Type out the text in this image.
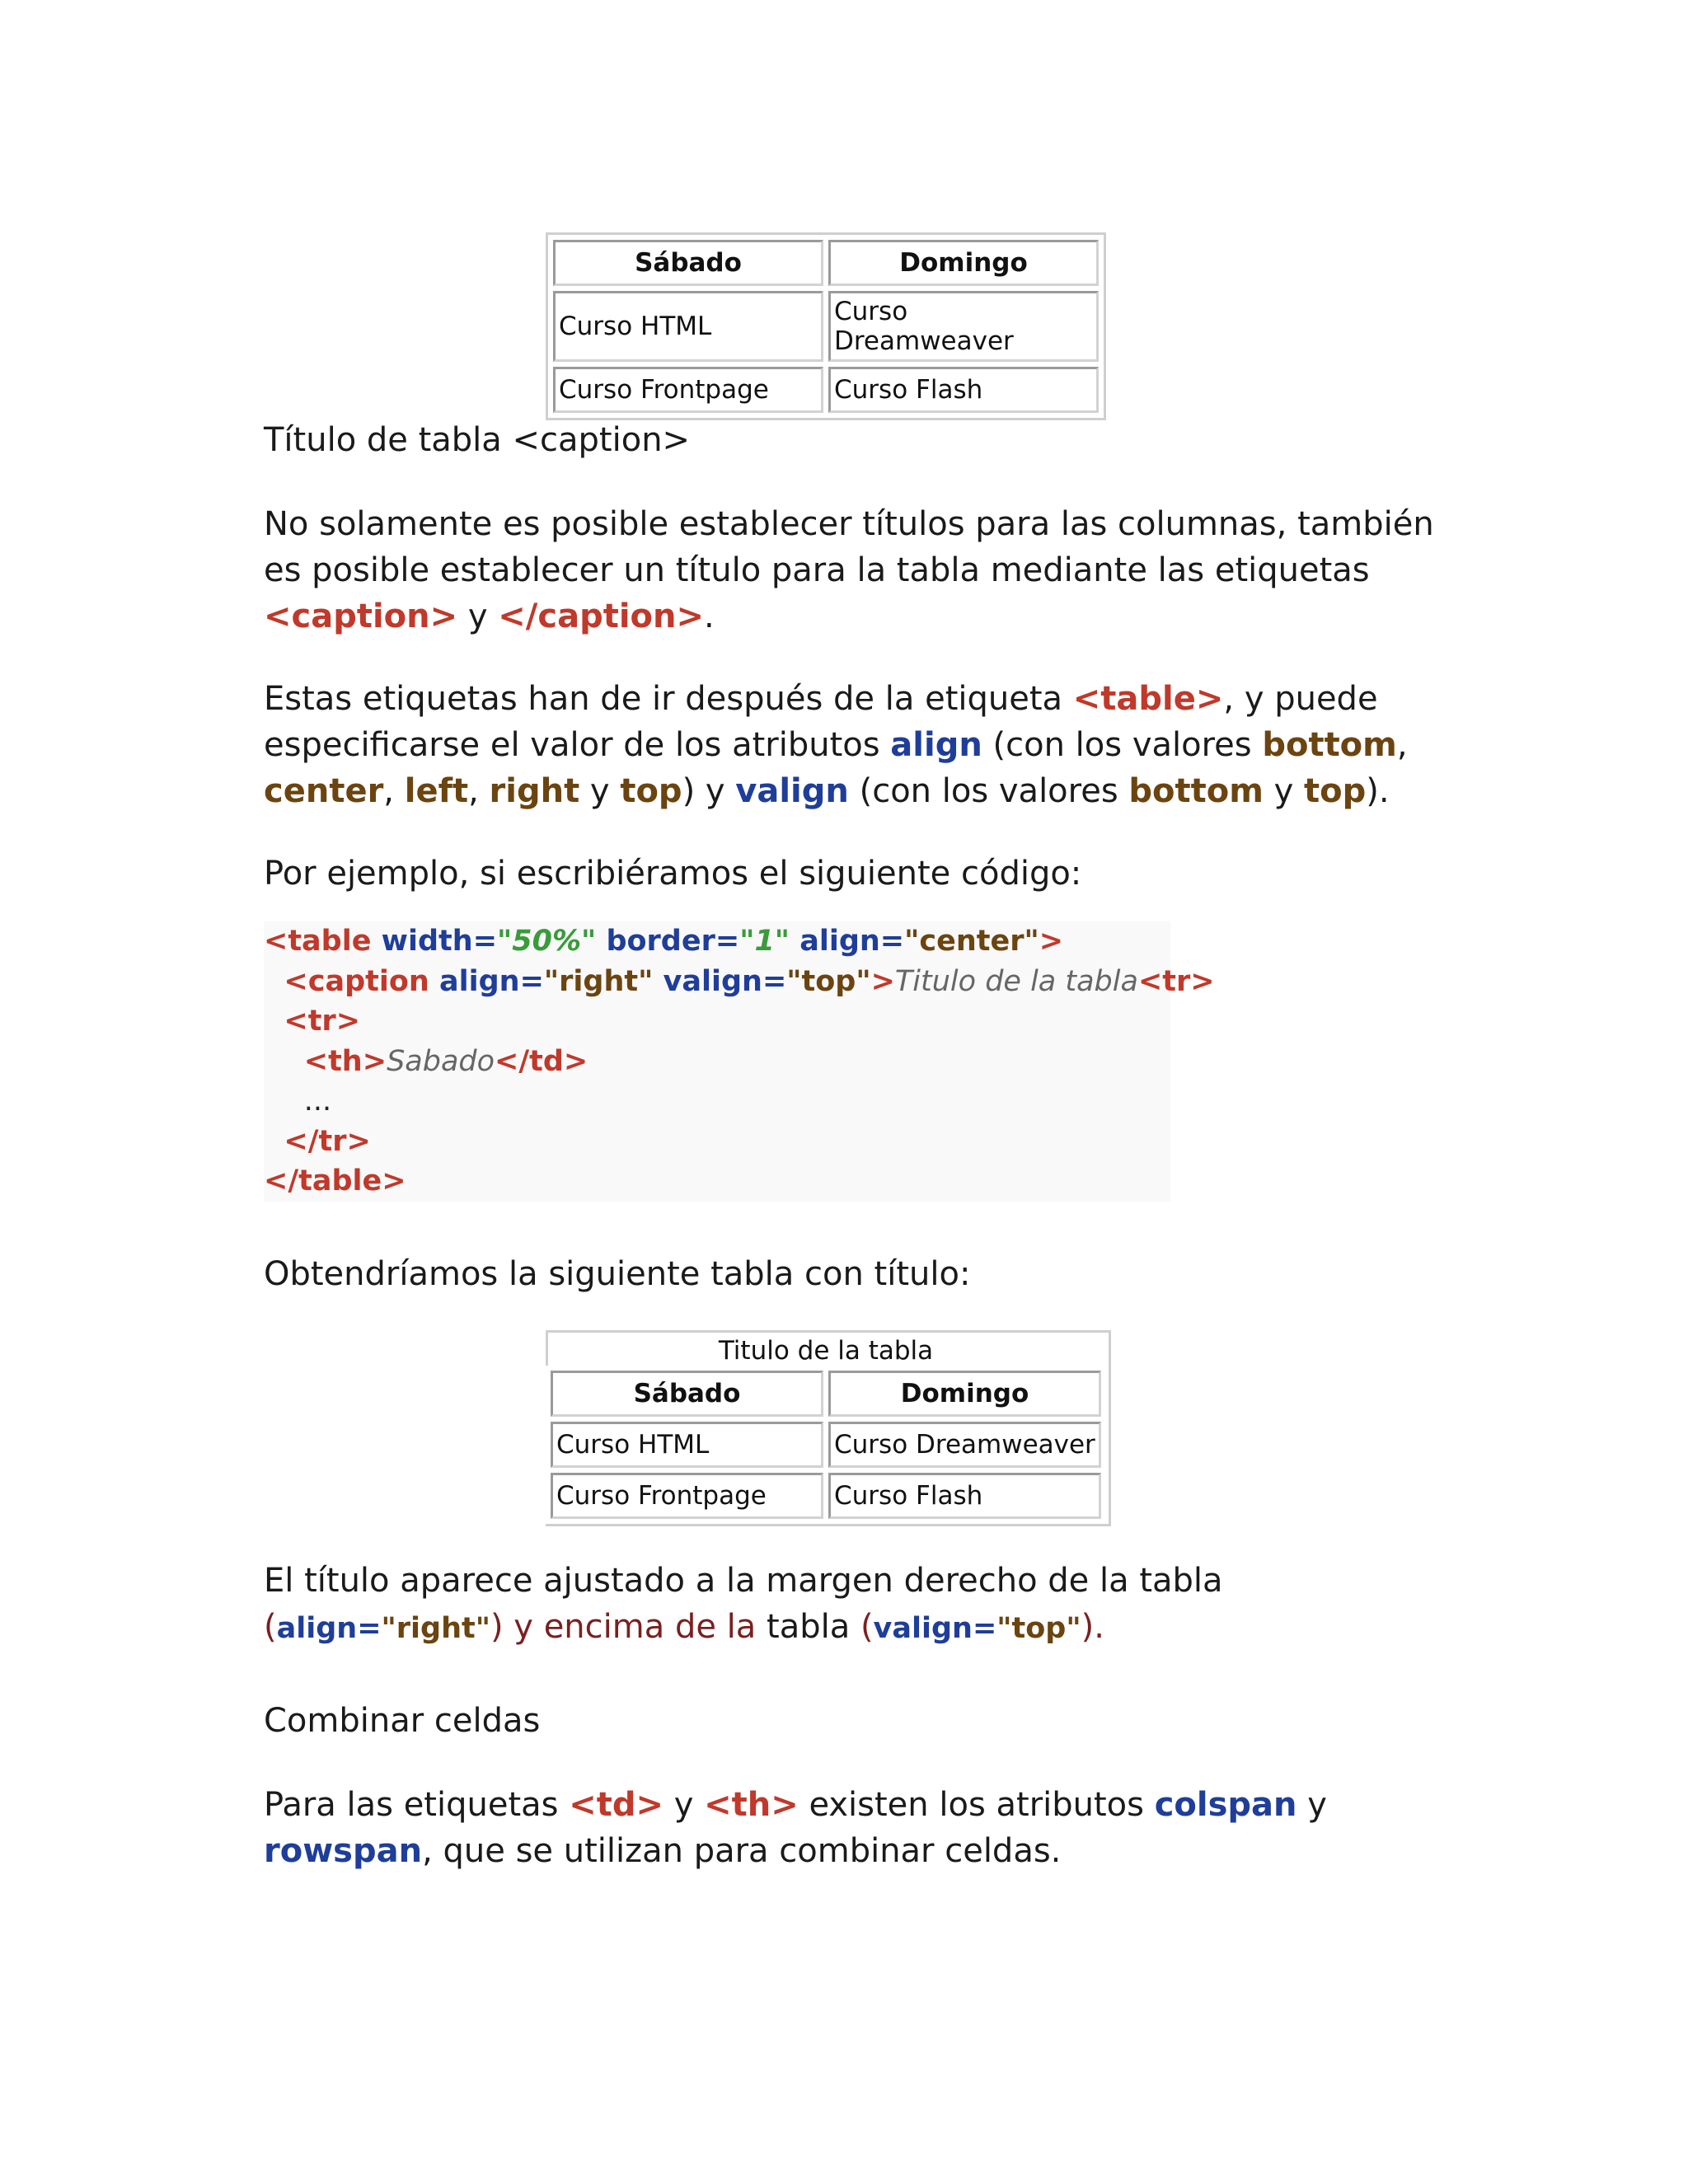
Sábado	Domingo
Curso HTML	Curso Dreamweaver
Curso Frontpage	Curso Flash
Título de tabla <caption>
No solamente es posible establecer títulos para las columnas, también es posible establecer un título para la tabla mediante las etiquetas <caption> y </caption>.
Estas etiquetas han de ir después de la etiqueta <table>, y puede especificarse el valor de los atributos align (con los valores bottom, center, left, right y top) y valign (con los valores bottom y top).
Por ejemplo, si escribiéramos el siguiente código:
<table width="50%" border="1" align="center">
<caption align="right" valign="top">Titulo de la tabla<tr>
<tr>
<th>Sabado</td>
...
</tr>
</table>
Obtendríamos la siguiente tabla con título:
Titulo de la tabla
Sábado	Domingo
Curso HTML	Curso Dreamweaver
Curso Frontpage	Curso Flash
El título aparece ajustado a la margen derecho de la tabla (align="right") y encima de la tabla (valign="top").
Combinar celdas
Para las etiquetas <td> y <th> existen los atributos colspan y rowspan, que se utilizan para combinar celdas.
